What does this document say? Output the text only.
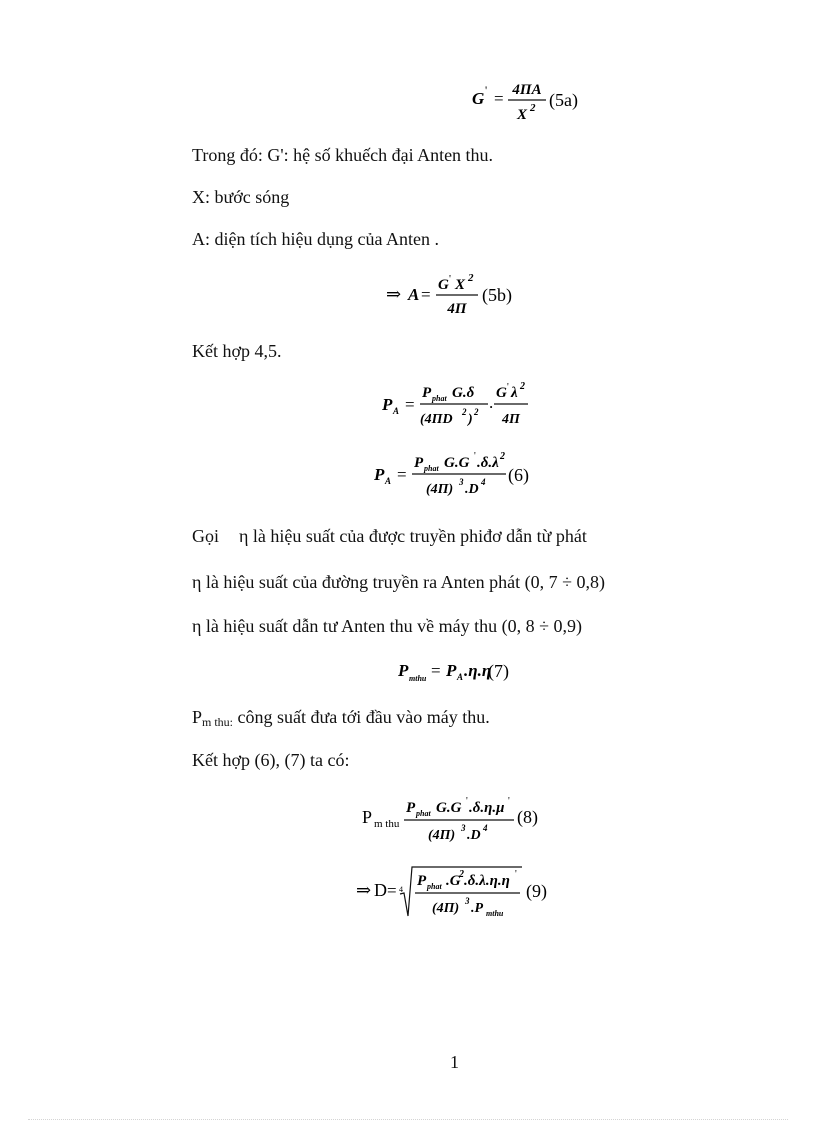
G ' = 4ΠA
X 2 (5a)
Trong đó: G': hệ số khuếch đại Anten thu.
X: bước sóng
A: diện tích hiệu dụng của Anten .
⇒ A = G ' X 2
4Π
(5b)
Kết hợp 4,5.
P A =
P phat G.δ
(4ΠD 2 ) 2 . G ' λ 2
4Π
P A =
P phat G.G ' .δ.λ 2
(4Π) 3 .D 4 (6)
Gọi η là hiệu suất của được truyền phiđơ dẫn từ phát
η là hiệu suất của đường truyền ra Anten phát (0, 7 ÷ 0,8)
η là hiệu suất dẫn tư Anten thu về máy thu (0, 8 ÷ 0,9)
P mthu = P A .η.η
(7)
Pm thu: công suất đưa tới đầu vào máy thu.
Kết hợp (6), (7) ta có:
P m thu
P phat G.G ' .δ.η.μ '
(4Π) 3 .D 4
(8)
⇒ D = 4
P phat .G
2 .δ.λ.η.η '
(4Π) 3 .P mthu
(9)
1
